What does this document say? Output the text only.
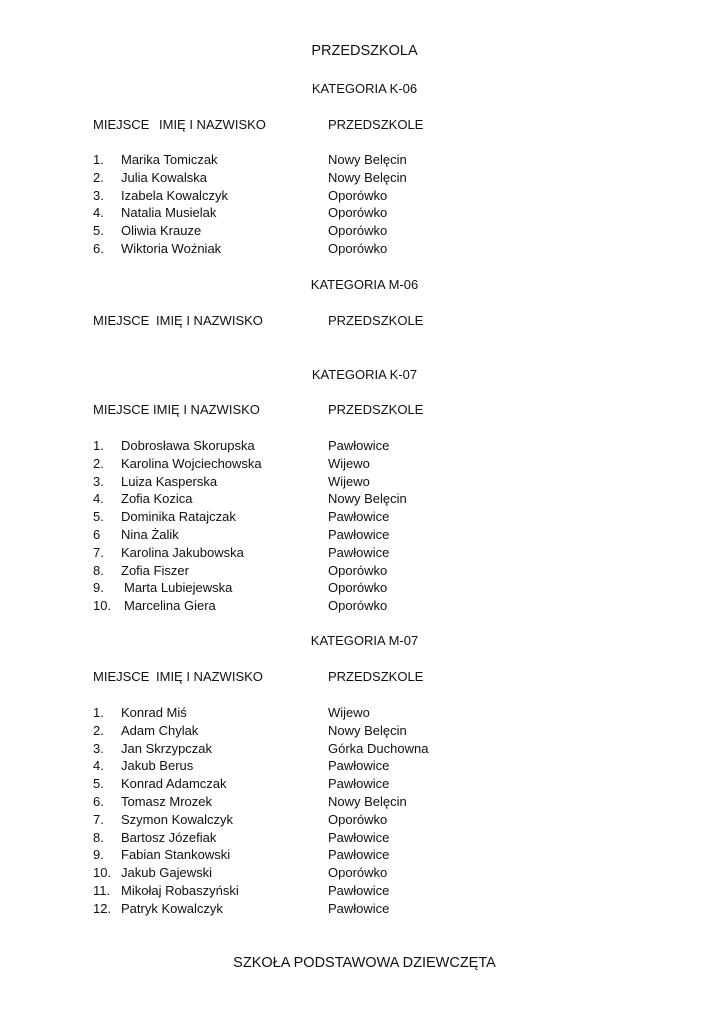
PRZEDSZKOLA
KATEGORIA K-06
MIEJSCE IMIĘ I NAZWISKO	PRZEDSZKOLE
1. Marika Tomiczak	Nowy Belęcin
2. Julia Kowalska	Nowy Belęcin
3. Izabela Kowalczyk	Oporówko
4. Natalia Musielak	Oporówko
5. Oliwia Krauze	Oporówko
6. Wiktoria Woźniak	Oporówko
KATEGORIA M-06
MIEJSCE IMIĘ I NAZWISKO	PRZEDSZKOLE
KATEGORIA K-07
MIEJSCE IMIĘ I NAZWISKO	PRZEDSZKOLE
1. Dobrosława Skorupska	Pawłowice
2. Karolina Wojciechowska	Wijewo
3. Luiza Kasperska	Wijewo
4. Zofia Kozica	Nowy Belęcin
5. Dominika Ratajczak	Pawłowice
6 Nina Żalik	Pawłowice
7. Karolina Jakubowska	Pawłowice
8. Zofia Fiszer	Oporówko
9. Marta Lubiejewska	Oporówko
10. Marcelina Giera	Oporówko
KATEGORIA M-07
MIEJSCE IMIĘ I NAZWISKO	PRZEDSZKOLE
1. Konrad Miś	Wijewo
2. Adam Chylak	Nowy Belęcin
3. Jan Skrzypczak	Górka Duchowna
4. Jakub Berus	Pawłowice
5. Konrad Adamczak	Pawłowice
6. Tomasz Mrozek	Nowy Belęcin
7. Szymon Kowalczyk	Oporówko
8. Bartosz Józefiak	Pawłowice
9. Fabian Stankowski	Pawłowice
10. Jakub Gajewski	Oporówko
11. Mikołaj Robaszyński	Pawłowice
12. Patryk Kowalczyk	Pawłowice
SZKOŁA PODSTAWOWA DZIEWCZĘTA
